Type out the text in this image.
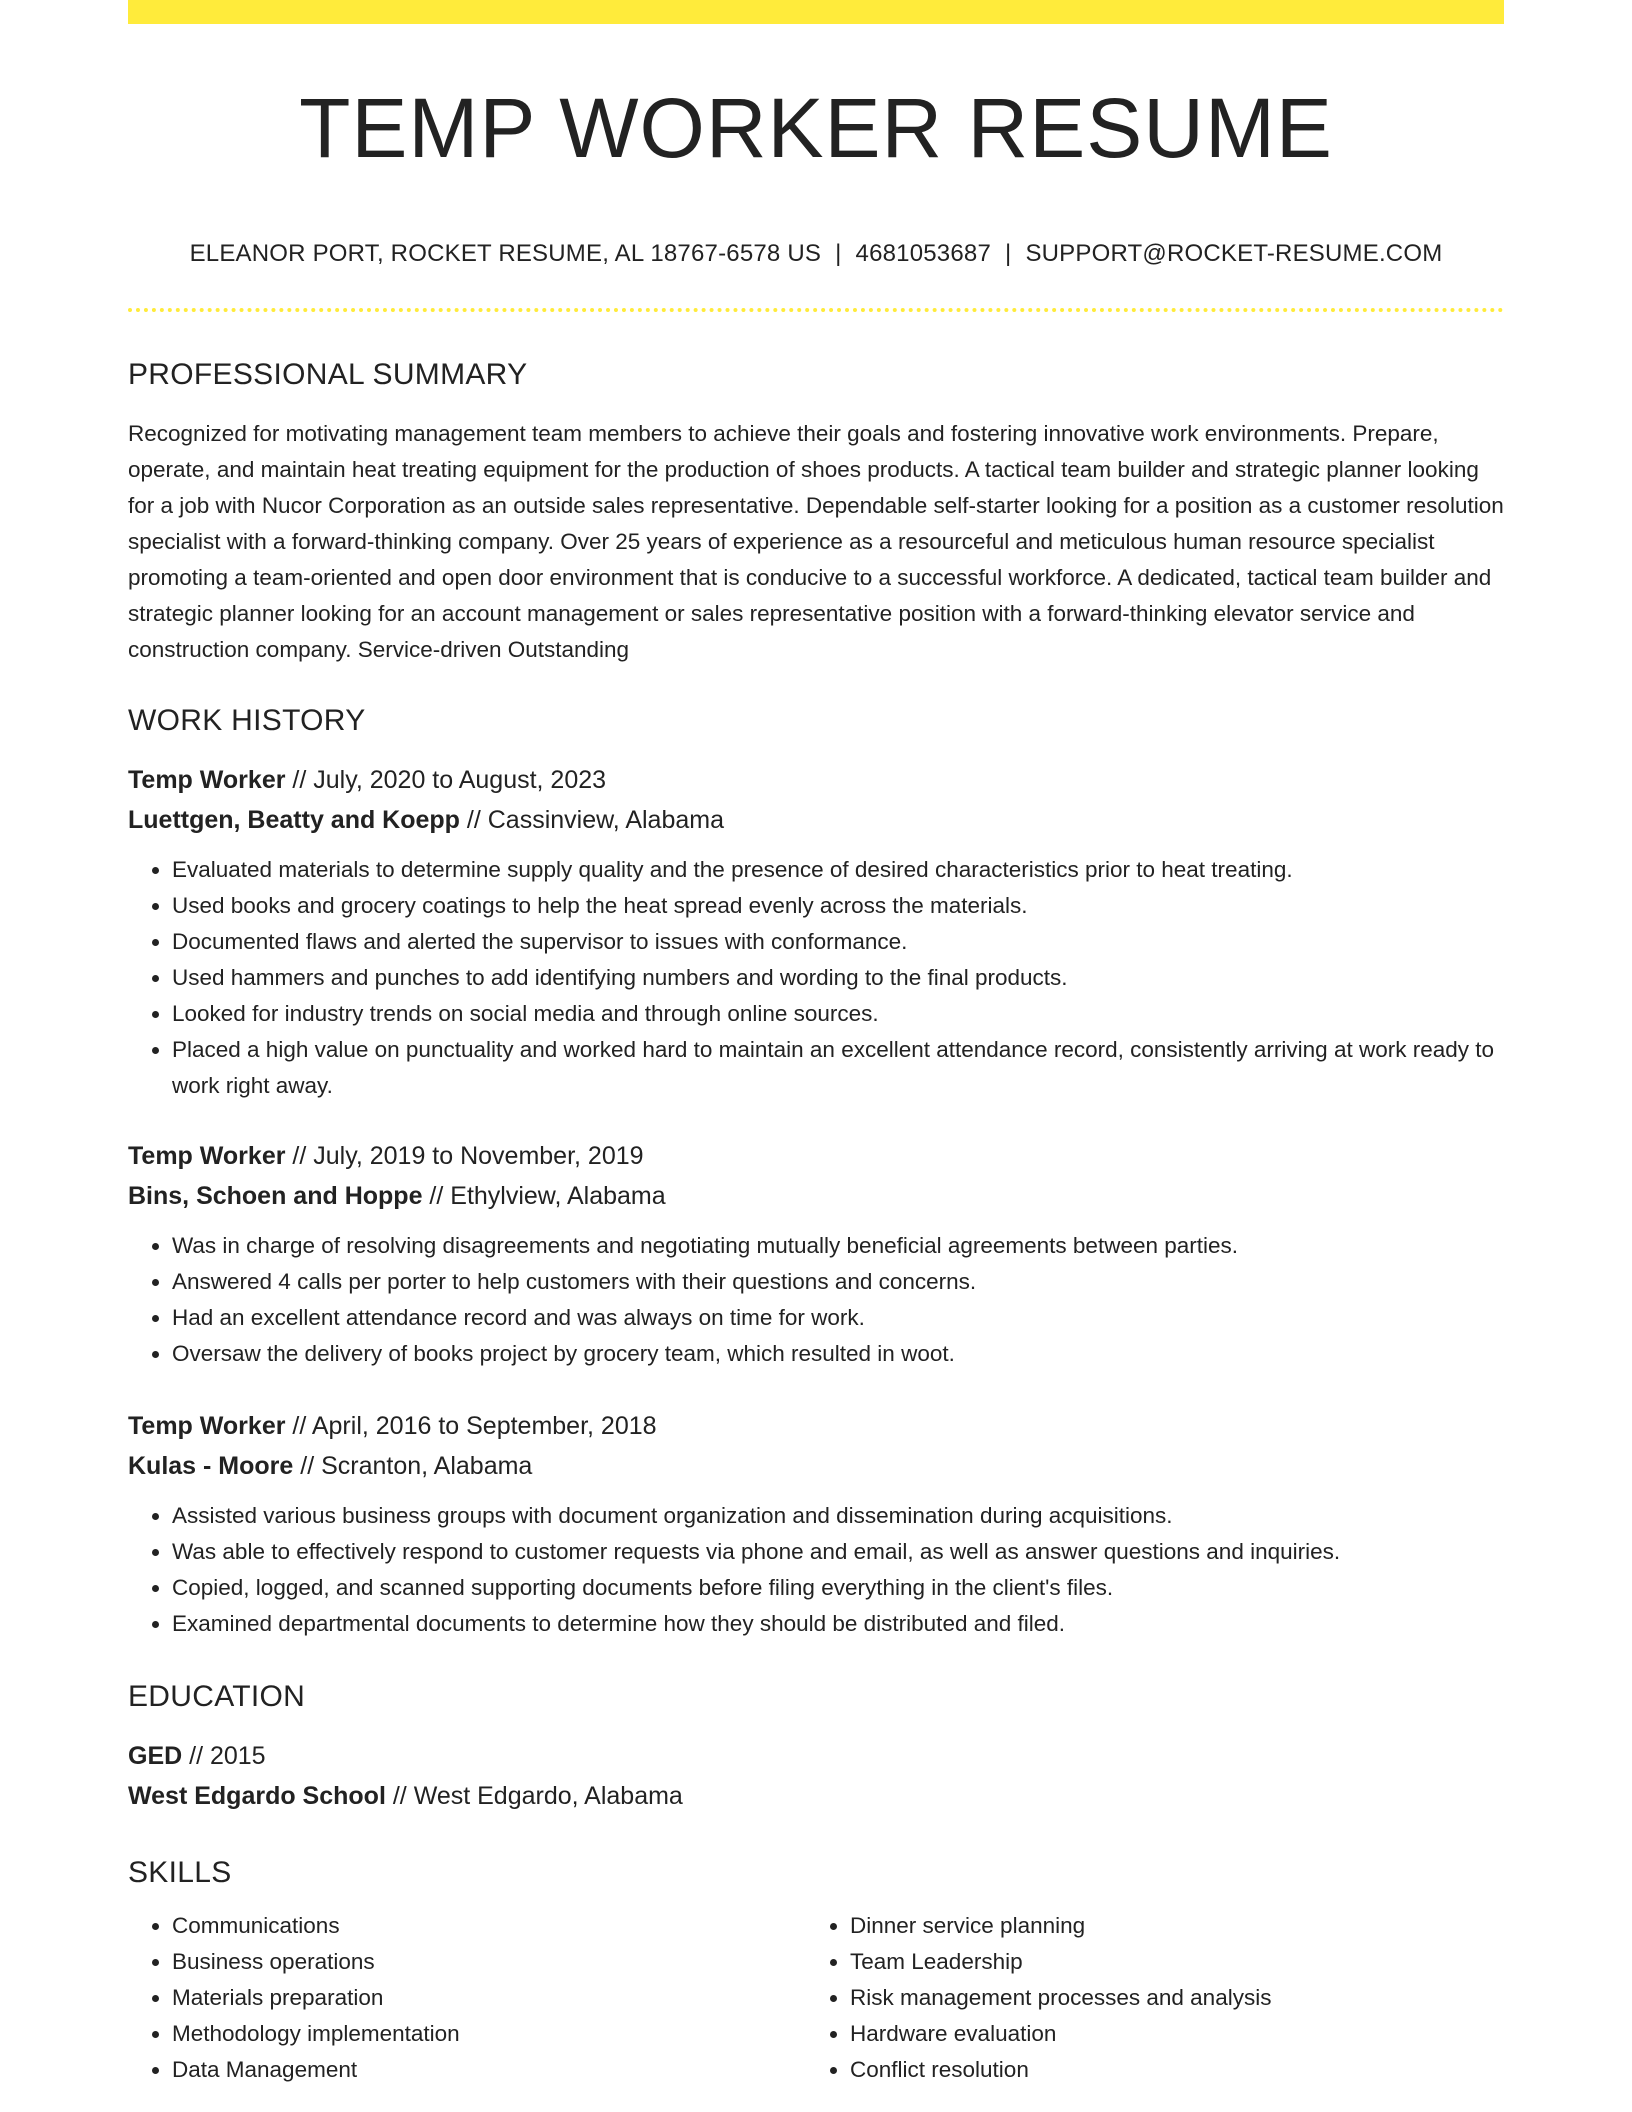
TEMP WORKER RESUME
ELEANOR PORT, ROCKET RESUME, AL 18767-6578 US | 4681053687 | SUPPORT@ROCKET-RESUME.COM
PROFESSIONAL SUMMARY

Recognized for motivating management team members to achieve their goals and fostering innovative work environments. Prepare, operate, and maintain heat treating equipment for the production of shoes products. A tactical team builder and strategic planner looking for a job with Nucor Corporation as an outside sales representative. Dependable self-starter looking for a position as a customer resolution specialist with a forward-thinking company. Over 25 years of experience as a resourceful and meticulous human resource specialist promoting a team-oriented and open door environment that is conducive to a successful workforce. A dedicated, tactical team builder and strategic planner looking for an account management or sales representative position with a forward-thinking elevator service and construction company. Service-driven Outstanding

WORK HISTORY
Temp Worker // July, 2020 to August, 2023
Luettgen, Beatty and Koepp // Cassinview, Alabama
• Evaluated materials to determine supply quality and the presence of desired characteristics prior to heat treating.
• Used books and grocery coatings to help the heat spread evenly across the materials.
• Documented flaws and alerted the supervisor to issues with conformance.
• Used hammers and punches to add identifying numbers and wording to the final products.
• Looked for industry trends on social media and through online sources.
• Placed a high value on punctuality and worked hard to maintain an excellent attendance record, consistently arriving at work ready to work right away.
Temp Worker // July, 2019 to November, 2019
Bins, Schoen and Hoppe // Ethylview, Alabama
• Was in charge of resolving disagreements and negotiating mutually beneficial agreements between parties.
• Answered 4 calls per porter to help customers with their questions and concerns.
• Had an excellent attendance record and was always on time for work.
• Oversaw the delivery of books project by grocery team, which resulted in woot.
Temp Worker // April, 2016 to September, 2018
Kulas - Moore // Scranton, Alabama
• Assisted various business groups with document organization and dissemination during acquisitions.
• Was able to effectively respond to customer requests via phone and email, as well as answer questions and inquiries.
• Copied, logged, and scanned supporting documents before filing everything in the client's files.
• Examined departmental documents to determine how they should be distributed and filed.
EDUCATION
GED // 2015
West Edgardo School // West Edgardo, Alabama
SKILLS
• Communications
• Business operations
• Materials preparation
• Methodology implementation
• Data Management
• Dinner service planning
• Team Leadership
• Risk management processes and analysis
• Hardware evaluation
• Conflict resolution
